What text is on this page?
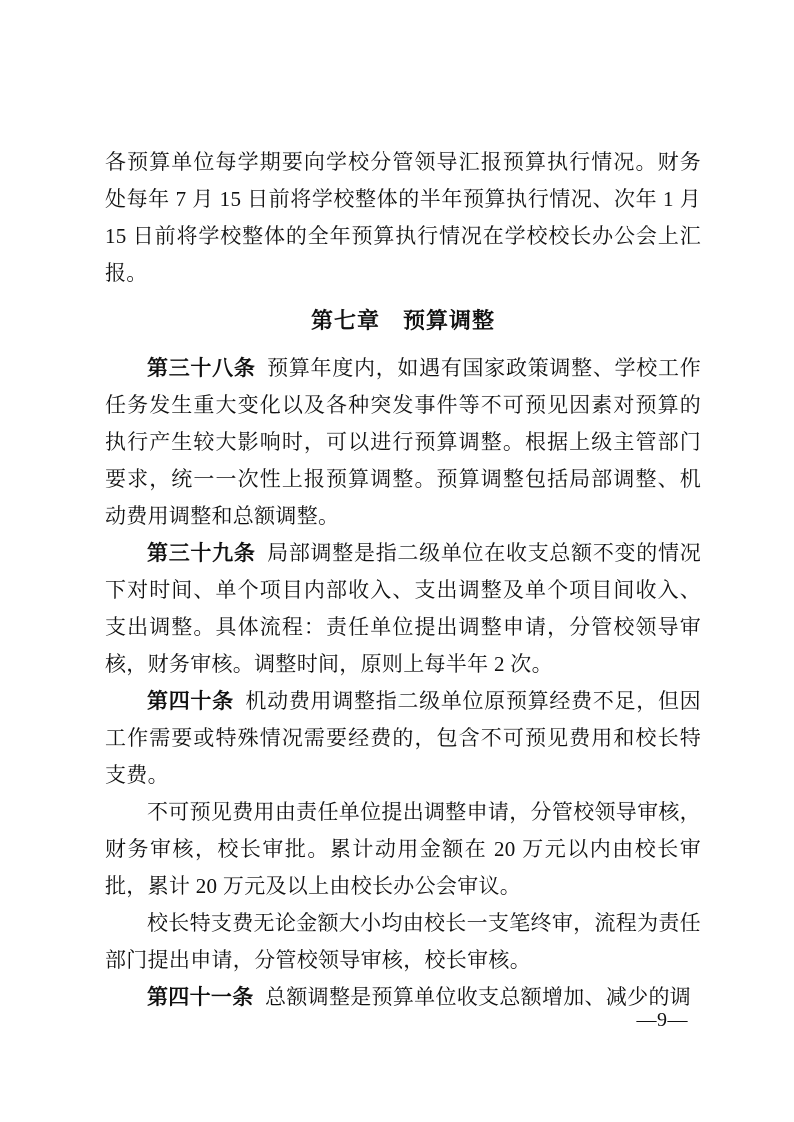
各预算单位每学期要向学校分管领导汇报预算执行情况。财务处每年 7 月 15 日前将学校整体的半年预算执行情况、次年 1 月 15 日前将学校整体的全年预算执行情况在学校校长办公会上汇报。

第七章　预算调整

第三十八条 预算年度内，如遇有国家政策调整、学校工作任务发生重大变化以及各种突发事件等不可预见因素对预算的执行产生较大影响时，可以进行预算调整。根据上级主管部门要求，统一一次性上报预算调整。预算调整包括局部调整、机动费用调整和总额调整。

第三十九条 局部调整是指二级单位在收支总额不变的情况下对时间、单个项目内部收入、支出调整及单个项目间收入、支出调整。具体流程：责任单位提出调整申请，分管校领导审核，财务审核。调整时间，原则上每半年 2 次。

第四十条 机动费用调整指二级单位原预算经费不足，但因工作需要或特殊情况需要经费的，包含不可预见费用和校长特支费。

不可预见费用由责任单位提出调整申请，分管校领导审核，财务审核，校长审批。累计动用金额在 20 万元以内由校长审批，累计 20 万元及以上由校长办公会审议。

校长特支费无论金额大小均由校长一支笔终审，流程为责任部门提出申请，分管校领导审核，校长审核。

第四十一条 总额调整是预算单位收支总额增加、减少的调

—9—
